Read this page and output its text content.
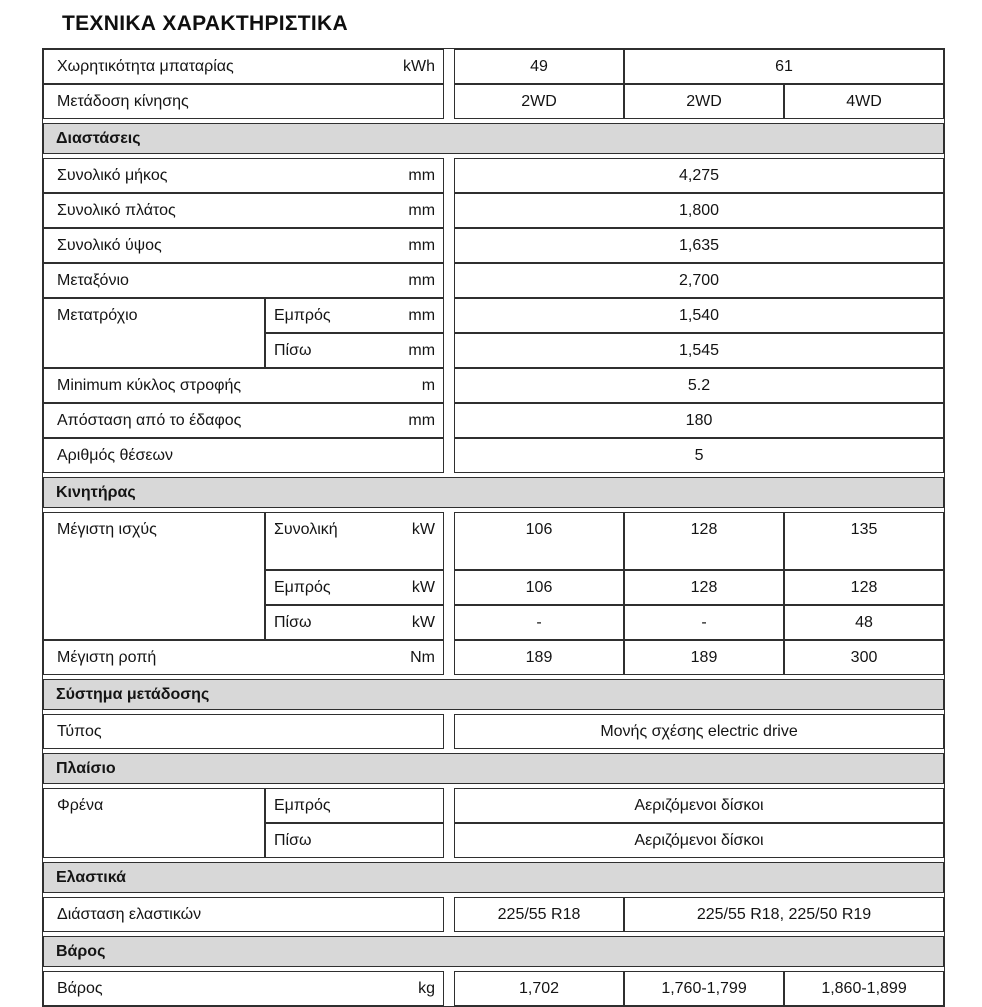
ΤΕΧΝΙΚΑ ΧΑΡΑΚΤΗΡΙΣΤΙΚΑ
Χωρητικότητα μπαταρίας kWh			49	61	

Μετάδοση κίνησης			2WD	2WD	4WD

Διαστάσεις					

Συνολικό μήκος mm			4,275		

Συνολικό πλάτος mm			1,800		

Συνολικό ύψος mm			1,635		

Μεταξόνιο mm			2,700		
Μετατρόχιο	Εμπρός mm		1,540		

	Πίσω mm		1,545		

Minimum κύκλος στροφής m			5.2		

Απόσταση από το έδαφος mm			180		

Αριθμός θέσεων			5		

Κινητήρας					

Μέγιστη ισχύς	Συνολική kW		106	128	135

	Εμπρός kW		106	128	128

	Πίσω kW		-	-	48

Μέγιστη ροπή Nm			189	189	300

Σύστημα μετάδοσης					

Τύπος			Μονής σχέσης electric drive		

Πλαίσιο					

Φρένα	Εμπρός		Αεριζόμενοι δίσκοι		

	Πίσω		Αεριζόμενοι δίσκοι		

Ελαστικά					

Διάσταση ελαστικών			225/55 R18	225/55 R18, 225/50 R19	

Βάρος					

Βάρος kg			1,702	1,760-1,799	1,860-1,899
